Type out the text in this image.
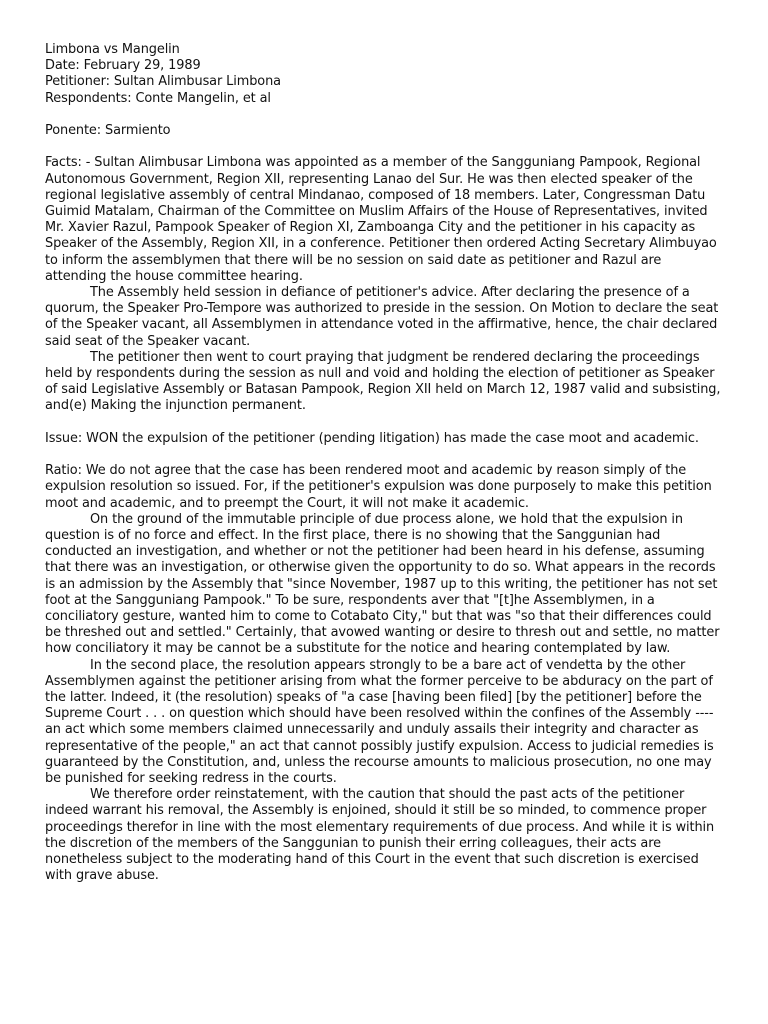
Limbona vs Mangelin

Date: February 29, 1989

Petitioner: Sultan Alimbusar Limbona

Respondents: Conte Mangelin, et al

Ponente: Sarmiento

Facts: - Sultan Alimbusar Limbona was appointed as a member of the Sangguniang Pampook, Regional Autonomous Government, Region XII, representing Lanao del Sur. He was then elected speaker of the regional legislative assembly of central Mindanao, composed of 18 members. Later, Congressman Datu Guimid Matalam, Chairman of the Committee on Muslim Affairs of the House of Representatives, invited Mr. Xavier Razul, Pampook Speaker of Region XI, Zamboanga City and the petitioner in his capacity as Speaker of the Assembly, Region XII, in a conference. Petitioner then ordered Acting Secretary Alimbuyao to inform the assemblymen that there will be no session on said date as petitioner and Razul are attending the house committee hearing.

The Assembly held session in defiance of petitioner's advice. After declaring the presence of a quorum, the Speaker Pro-Tempore was authorized to preside in the session. On Motion to declare the seat of the Speaker vacant, all Assemblymen in attendance voted in the affirmative, hence, the chair declared said seat of the Speaker vacant.

The petitioner then went to court praying that judgment be rendered declaring the proceedings held by respondents during the session as null and void and holding the election of petitioner as Speaker of said Legislative Assembly or Batasan Pampook, Region XII held on March 12, 1987 valid and subsisting, and(e) Making the injunction permanent.

Issue: WON the expulsion of the petitioner (pending litigation) has made the case moot and academic.

Ratio: We do not agree that the case has been rendered moot and academic by reason simply of the expulsion resolution so issued. For, if the petitioner's expulsion was done purposely to make this petition moot and academic, and to preempt the Court, it will not make it academic.

On the ground of the immutable principle of due process alone, we hold that the expulsion in question is of no force and effect. In the first place, there is no showing that the Sanggunian had conducted an investigation, and whether or not the petitioner had been heard in his defense, assuming that there was an investigation, or otherwise given the opportunity to do so. What appears in the records is an admission by the Assembly that "since November, 1987 up to this writing, the petitioner has not set foot at the Sangguniang Pampook." To be sure, respondents aver that "[t]he Assemblymen, in a conciliatory gesture, wanted him to come to Cotabato City," but that was "so that their differences could be threshed out and settled." Certainly, that avowed wanting or desire to thresh out and settle, no matter how conciliatory it may be cannot be a substitute for the notice and hearing contemplated by law.

In the second place, the resolution appears strongly to be a bare act of vendetta by the other Assemblymen against the petitioner arising from what the former perceive to be abduracy on the part of the latter. Indeed, it (the resolution) speaks of "a case [having been filed] [by the petitioner] before the Supreme Court . . . on question which should have been resolved within the confines of the Assembly ---- an act which some members claimed unnecessarily and unduly assails their integrity and character as representative of the people," an act that cannot possibly justify expulsion. Access to judicial remedies is guaranteed by the Constitution, and, unless the recourse amounts to malicious prosecution, no one may be punished for seeking redress in the courts.

We therefore order reinstatement, with the caution that should the past acts of the petitioner indeed warrant his removal, the Assembly is enjoined, should it still be so minded, to commence proper proceedings therefor in line with the most elementary requirements of due process. And while it is within the discretion of the members of the Sanggunian to punish their erring colleagues, their acts are nonetheless subject to the moderating hand of this Court in the event that such discretion is exercised with grave abuse.
